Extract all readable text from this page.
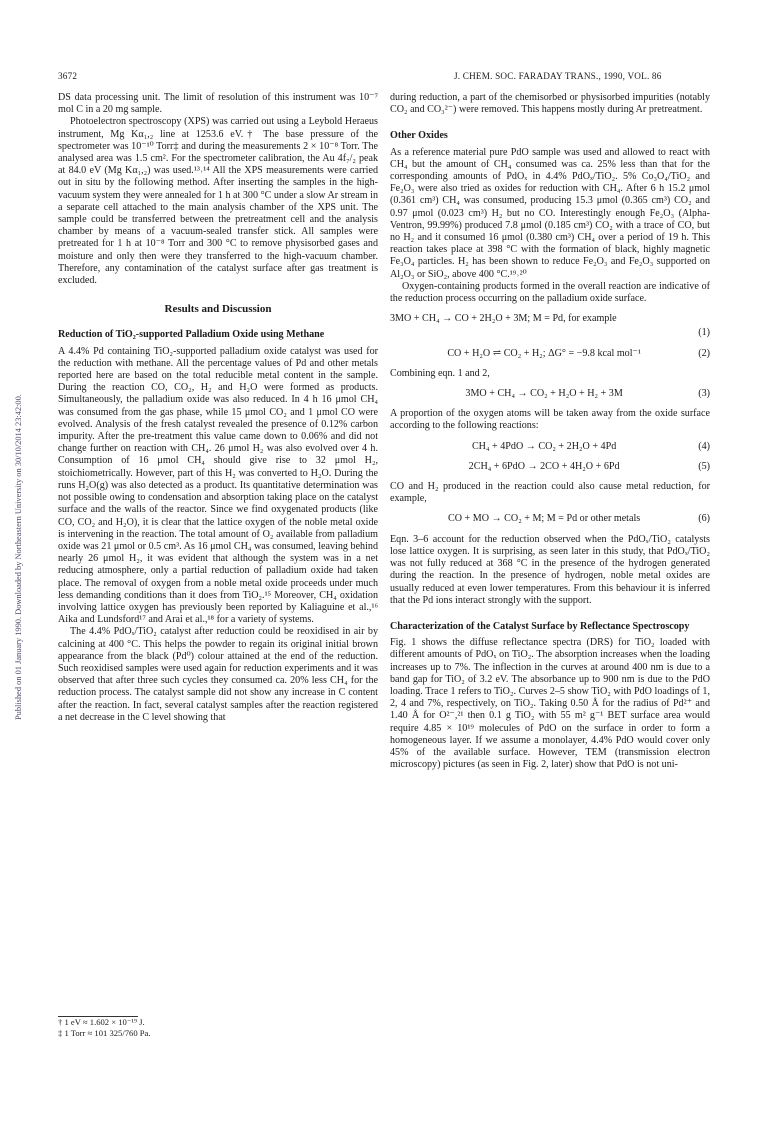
3672	J. CHEM. SOC. FARADAY TRANS., 1990, VOL. 86
Published on 01 January 1990. Downloaded by Northeastern University on 30/10/2014 23:42:00.

DS data processing unit. The limit of resolution of this instrument was 10⁻⁷ mol C in a 20 mg sample.

Photoelectron spectroscopy (XPS) was carried out using a Leybold Heraeus instrument, Mg Kα₁,₂ line at 1253.6 eV.† The base pressure of the spectrometer was 10⁻¹⁰ Torr‡ and during the measurements 2 × 10⁻⁸ Torr. The analysed area was 1.5 cm². For the spectrometer calibration, the Au 4f₇/₂ peak at 84.0 eV (Mg Kα₁,₂) was used.¹³˒¹⁴ All the XPS measurements were carried out in situ by the following method. After inserting the samples in the high-vacuum system they were annealed for 1 h at 300 °C under a slow Ar stream in a separate cell attached to the main analysis chamber of the XPS unit. The sample could be transferred between the pretreatment cell and the analysis chamber by means of a vacuum-sealed transfer stick. All samples were pretreated for 1 h at 10⁻⁸ Torr and 300 °C to remove physisorbed gases and moisture and only then were they transferred to the high-vacuum chamber. Therefore, any contamination of the catalyst surface after gas treatment is excluded.

Results and Discussion
Reduction of TiO₂-supported Palladium Oxide using Methane

A 4.4% Pd containing TiO₂-supported palladium oxide catalyst was used for the reduction with methane. All the percentage values of Pd and other metals reported here are based on the total reducible metal content in the sample. During the reaction CO, CO₂, H₂ and H₂O were formed as products. Simultaneously, the palladium oxide was also reduced. In 4 h 16 μmol CH₄ was consumed from the gas phase, while 15 μmol CO₂ and 1 μmol CO were evolved. Analysis of the fresh catalyst revealed the presence of 0.12% carbon impurity. After the pre-treatment this value came down to 0.06% and did not change further on reaction with CH₄. 26 μmol H₂ was also evolved over 4 h. Consumption of 16 μmol CH₄ should give rise to 32 μmol H₂, stoichiometrically. However, part of this H₂ was converted to H₂O. During the runs H₂O(g) was also detected as a product. Its quantitative determination was not possible owing to condensation and absorption taking place on the catalyst surface and the walls of the reactor. Since we find oxygenated products (like CO, CO₂ and H₂O), it is clear that the lattice oxygen of the noble metal oxide is intervening in the reaction. The total amount of O₂ available from palladium oxide was 21 μmol or 0.5 cm³. As 16 μmol CH₄ was consumed, leaving behind nearly 26 μmol H₂, it was evident that although the system was in a net reducing atmosphere, only a partial reduction of palladium oxide had taken place. The removal of oxygen from a noble metal oxide proceeds under much less demanding conditions than it does from TiO₂.¹⁵ Moreover, CH₄ oxidation involving lattice oxygen has previously been reported by Kaliaguine et al.,¹⁶ Aika and Lundsford¹⁷ and Arai et al.,¹⁸ for a variety of systems.

The 4.4% PdOₓ/TiO₂ catalyst after reduction could be reoxidised in air by calcining at 400 °C. This helps the powder to regain its original initial brown appearance from the black (Pd⁰) colour attained at the end of the reduction. Such reoxidised samples were used again for reduction experiments and it was observed that after three such cycles they consumed ca. 20% less CH₄ for the reduction process. The catalyst sample did not show any increase in C content after the reaction. In fact, several catalyst samples after the reaction registered a net decrease in the C level showing that

† 1 eV ≈ 1.602 × 10⁻¹⁹ J.
‡ 1 Torr ≈ 101 325/760 Pa.

during reduction, a part of the chemisorbed or physisorbed impurities (notably CO₂ and CO₃²⁻) were removed. This happens mostly during Ar pretreatment.

Other Oxides

As a reference material pure PdO sample was used and allowed to react with CH₄ but the amount of CH₄ consumed was ca. 25% less than that for the corresponding amounts of PdOₓ in 4.4% PdOₓ/TiO₂. 5% Co₃O₄/TiO₂ and Fe₂O₃ were also tried as oxides for reduction with CH₄. After 6 h 15.2 μmol (0.361 cm³) CH₄ was consumed, producing 15.3 μmol (0.365 cm³) CO₂ and 0.97 μmol (0.023 cm³) H₂ but no CO. Interestingly enough Fe₂O₃ (Alpha-Ventron, 99.99%) produced 7.8 μmol (0.185 cm³) CO₂ with a trace of CO, but no H₂ and it consumed 16 μmol (0.380 cm³) CH₄ over a period of 19 h. This reaction takes place at 398 °C with the formation of black, highly magnetic Fe₃O₄ particles. H₂ has been shown to reduce Fe₂O₃ and Fe₂O₃ supported on Al₂O₃ or SiO₂, above 400 °C.¹⁹˒²⁰

Oxygen-containing products formed in the overall reaction are indicative of the reduction process occurring on the palladium oxide surface.

3MO + CH₄ → CO + 2H₂O + 3M; M = Pd, for example
(1)
CO + H₂O ⇌ CO₂ + H₂; ΔG° = −9.8 kcal mol⁻¹	(2)

Combining eqn. 1 and 2,

3MO + CH₄ → CO₂ + H₂O + H₂ + 3M	(3)

A proportion of the oxygen atoms will be taken away from the oxide surface according to the following reactions:

CH₄ + 4PdO → CO₂ + 2H₂O + 4Pd	(4)
2CH₄ + 6PdO → 2CO + 4H₂O + 6Pd	(5)

CO and H₂ produced in the reaction could also cause metal reduction, for example,

CO + MO → CO₂ + M; M = Pd or other metals	(6)

Eqn. 3–6 account for the reduction observed when the PdOₓ/TiO₂ catalysts lose lattice oxygen. It is surprising, as seen later in this study, that PdOₓ/TiO₂ was not fully reduced at 368 °C in the presence of the hydrogen generated during the reaction. In the presence of hydrogen, noble metal oxides are usually reduced at even lower temperatures. From this behaviour it is inferred that the Pd ions interact strongly with the support.

Characterization of the Catalyst Surface by Reflectance Spectroscopy

Fig. 1 shows the diffuse reflectance spectra (DRS) for TiO₂ loaded with different amounts of PdOₓ on TiO₂. The absorption increases when the loading increases up to 7%. The inflection in the curves at around 400 nm is due to a band gap for TiO₂ of 3.2 eV. The absorbance up to 900 nm is due to the PdO loading. Trace 1 refers to TiO₂. Curves 2–5 show TiO₂ with PdO loadings of 1, 2, 4 and 7%, respectively, on TiO₂. Taking 0.50 Å for the radius of Pd²⁺ and 1.40 Å for O²⁻,²¹ then 0.1 g TiO₂ with 55 m² g⁻¹ BET surface area would require 4.85 × 10¹⁹ molecules of PdO on the surface in order to form a homogeneous layer. If we assume a monolayer, 4.4% PdO would cover only 45% of the available surface. However, TEM (transmission electron microscopy) pictures (as seen in Fig. 2, later) show that PdO is not uni-
